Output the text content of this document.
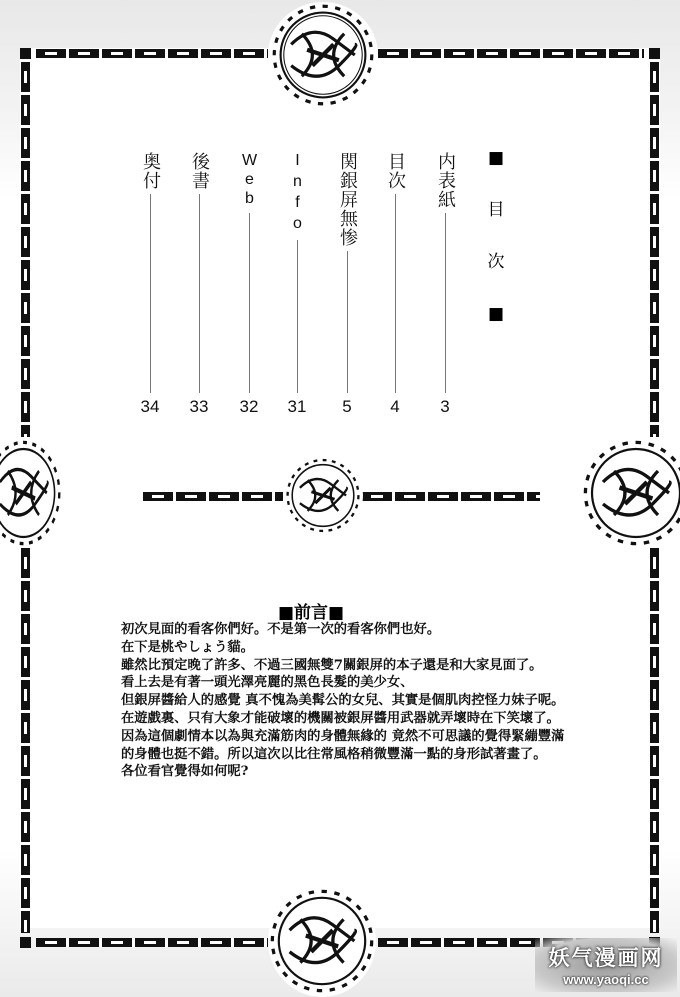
■
目
次
■
内表紙
3
目次
4
関銀屏無惨
5
Info
31
Web
32
後書
33
奥付
34
■前言■

初次見面的看客你們好。不是第一次的看客你們也好。

在下是桃やしょう貓。

雖然比預定晚了許多、不過三國無雙7關銀屏的本子還是和大家見面了。

看上去是有著一頭光澤亮麗的黑色長髮的美少女、

但銀屏醬給人的感覺 真不愧為美髯公的女兒、其實是個肌肉控怪力妹子呢。

在遊戲裏、只有大象才能破壞的機關被銀屏醬用武器就弄壞時在下笑壞了。

因為這個劇情本以為與充滿筋肉的身體無緣的 竟然不可思議的覺得緊繃豐滿

的身體也挺不錯。所以這次以比往常風格稍微豐滿一點的身形試著畫了。

各位看官覺得如何呢?

妖气漫画网
www.yaoqi.cc
